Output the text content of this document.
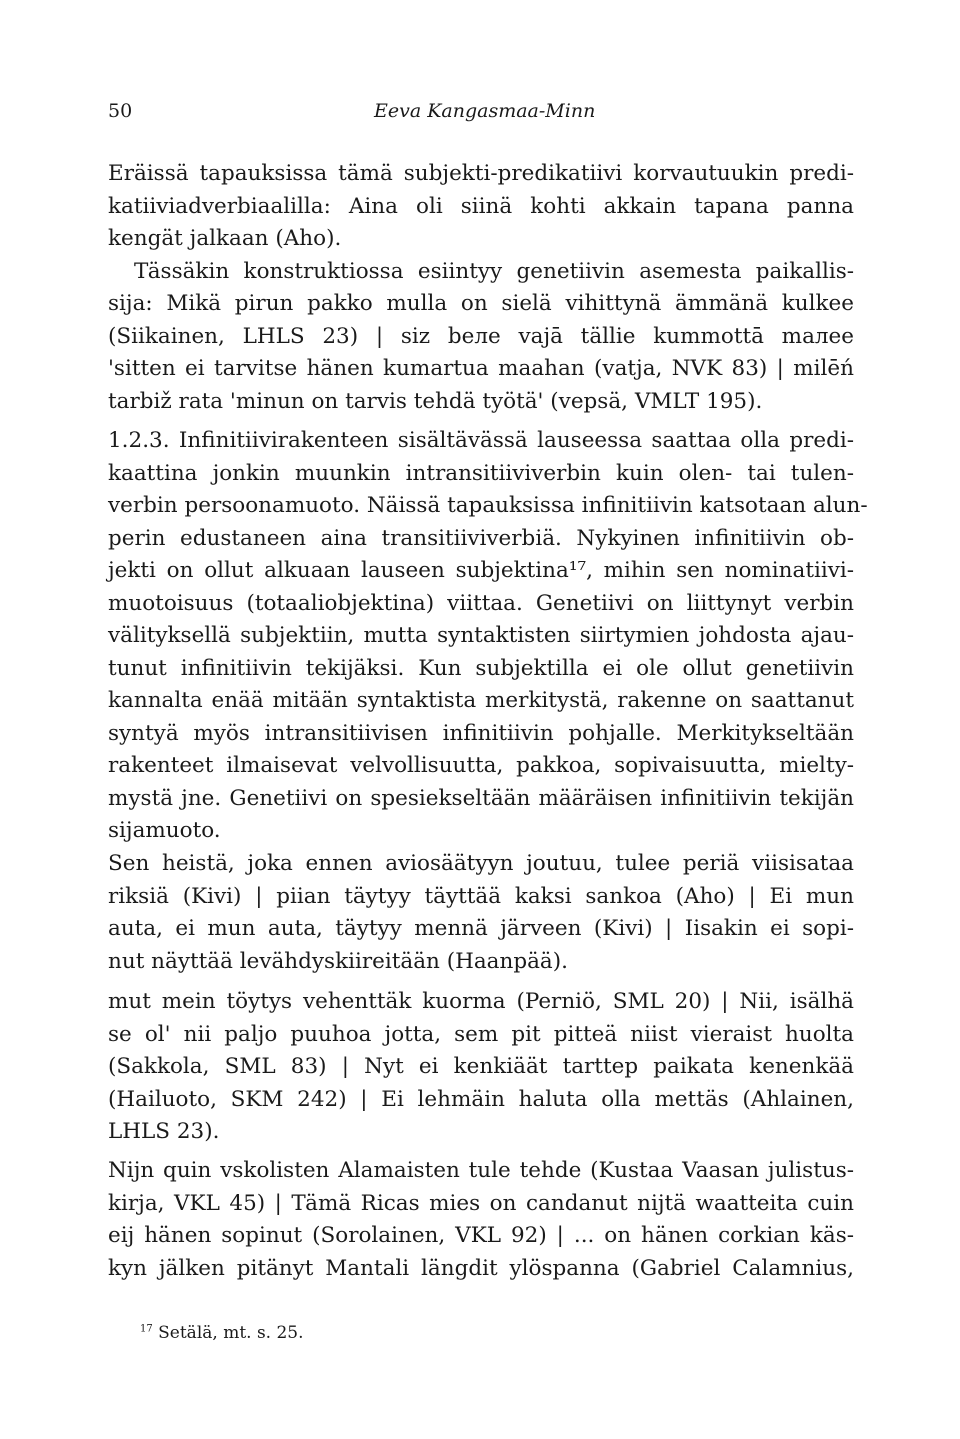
50	Eeva Kangasmaa-Minn
Eräissä tapauksissa tämä subjekti-predikatiivi korvautuukin predi-
katiiviadverbiaalilla: Aina oli siinä kohti akkain tapana panna
kengät jalkaan (Aho).
Tässäkin konstruktiossa esiintyy genetiivin asemesta paikallis-
sija: Mikä pirun pakko mulla on sielä vihittynä ämmänä kulkee
(Siikainen, LHLS 23) | siz bеле vajā tällie kummottā maлee
'sitten ei tarvitse hänen kumartua maahan (vatja, NVK 83) | milēń
tarbiž rata 'minun on tarvis tehdä työtä' (vepsä, VMLT 195).
1.2.3. Infinitiivirakenteen sisältävässä lauseessa saattaa olla predi-
kaattina jonkin muunkin intransitiiviverbin kuin olen- tai tulen-
verbin persoonamuoto. Näissä tapauksissa infinitiivin katsotaan alun-
perin edustaneen aina transitiiviverbiä. Nykyinen infinitiivin ob-
jekti on ollut alkuaan lauseen subjektina¹⁷, mihin sen nominatiivi-
muotoisuus (totaaliobjektina) viittaa. Genetiivi on liittynyt verbin
välityksellä subjektiin, mutta syntaktisten siirtymien johdosta ajau-
tunut infinitiivin tekijäksi. Kun subjektilla ei ole ollut genetiivin
kannalta enää mitään syntaktista merkitystä, rakenne on saattanut
syntyä myös intransitiivisen infinitiivin pohjalle. Merkitykseltään
rakenteet ilmaisevat velvollisuutta, pakkoa, sopivaisuutta, mielty-
mystä jne. Genetiivi on spesiekseltään määräisen infinitiivin tekijän
sijamuoto.
Sen heistä, joka ennen aviosäätyyn joutuu, tulee periä viisisataa
riksiä (Kivi) | piian täytyy täyttää kaksi sankoa (Aho) | Ei mun
auta, ei mun auta, täytyy mennä järveen (Kivi) | Iisakin ei sopi-
nut näyttää levähdyskiireitään (Haanpää).
mut mein töytys vehenttäk kuorma (Perniö, SML 20) | Nii, isälhä
se ol' nii paljo puuhoa jotta, sem pit pitteä niist vieraist huolta
(Sakkola, SML 83) | Nyt ei kenkiäät tarttep paikata kenenkää
(Hailuoto, SKM 242) | Ei lehmäin haluta olla mettäs (Ahlainen,
LHLS 23).
Nijn quin vskolisten Alamaisten tule tehde (Kustaa Vaasan julistus-
kirja, VKL 45) | Tämä Ricas mies on candanut nijtä waatteita cuin
eij hänen sopinut (Sorolainen, VKL 92) | ... on hänen corkian käs-
kyn jälken pitänyt Mantali längdit ylöspanna (Gabriel Calamnius,
$^{17}$ Setälä, mt. s. 25.
